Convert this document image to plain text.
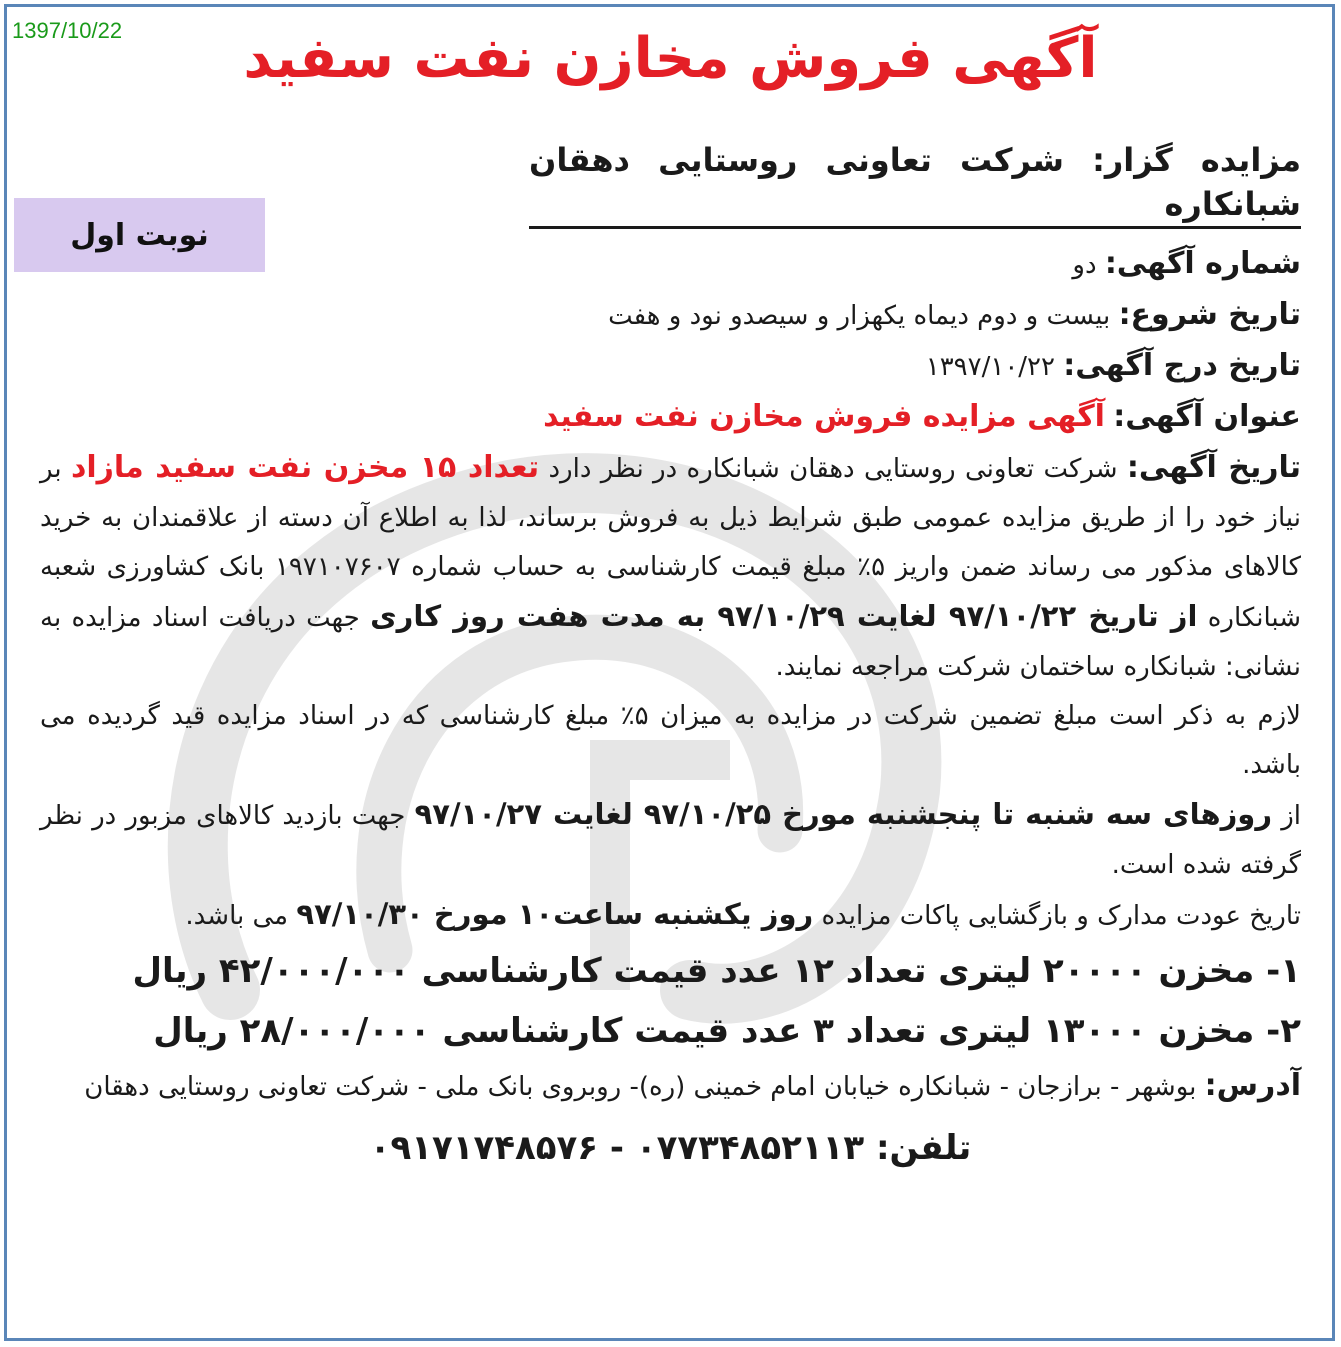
1397/10/22	آگهی فروش مخازن نفت سفید
نوبت اول
مزایده گزار: شرکت تعاونی روستایی دهقان شبانکاره
شماره آگهی: دو
تاریخ شروع: بیست و دوم دیماه یکهزار و سیصدو نود و هفت
تاریخ درج آگهی: ۱۳۹۷/۱۰/۲۲
عنوان آگهی: آگهی مزایده فروش مخازن نفت سفید

تاریخ آگهی: شرکت تعاونی روستایی دهقان شبانکاره در نظر دارد تعداد ۱۵ مخزن نفت سفید مازاد بر نیاز خود را از طریق مزایده عمومی طبق شرایط ذیل به فروش برساند، لذا به اطلاع آن دسته از علاقمندان به خرید کالاهای مذکور می رساند ضمن واریز ۵٪ مبلغ قیمت کارشناسی به حساب شماره ۱۹۷۱۰۷۶۰۷ بانک کشاورزی شعبه شبانکاره از تاریخ ۹۷/۱۰/۲۲ لغایت ۹۷/۱۰/۲۹ به مدت هفت روز کاری جهت دریافت اسناد مزایده به نشانی: شبانکاره ساختمان شرکت مراجعه نمایند.

لازم به ذکر است مبلغ تضمین شرکت در مزایده به میزان ۵٪ مبلغ کارشناسی که در اسناد مزایده قید گردیده می باشد.

از روزهای سه شنبه تا پنجشنبه مورخ ۹۷/۱۰/۲۵ لغایت ۹۷/۱۰/۲۷ جهت بازدید کالاهای مزبور در نظر گرفته شده است.

تاریخ عودت مدارک و بازگشایی پاکات مزایده روز یکشنبه ساعت۱۰ مورخ ۹۷/۱۰/۳۰ می باشد.

۱- مخزن ۲۰۰۰۰ لیتری تعداد ۱۲ عدد قیمت کارشناسی ۴۲/۰۰۰/۰۰۰ ریال
۲- مخزن ۱۳۰۰۰ لیتری تعداد ۳ عدد قیمت کارشناسی ۲۸/۰۰۰/۰۰۰ ریال

آدرس: بوشهر - برازجان - شبانکاره خیابان امام خمینی (ره)- روبروی بانک ملی - شرکت تعاونی روستایی دهقان

تلفن: ۰۷۷۳۴۸۵۲۱۱۳ - ۰۹۱۷۱۷۴۸۵۷۶
